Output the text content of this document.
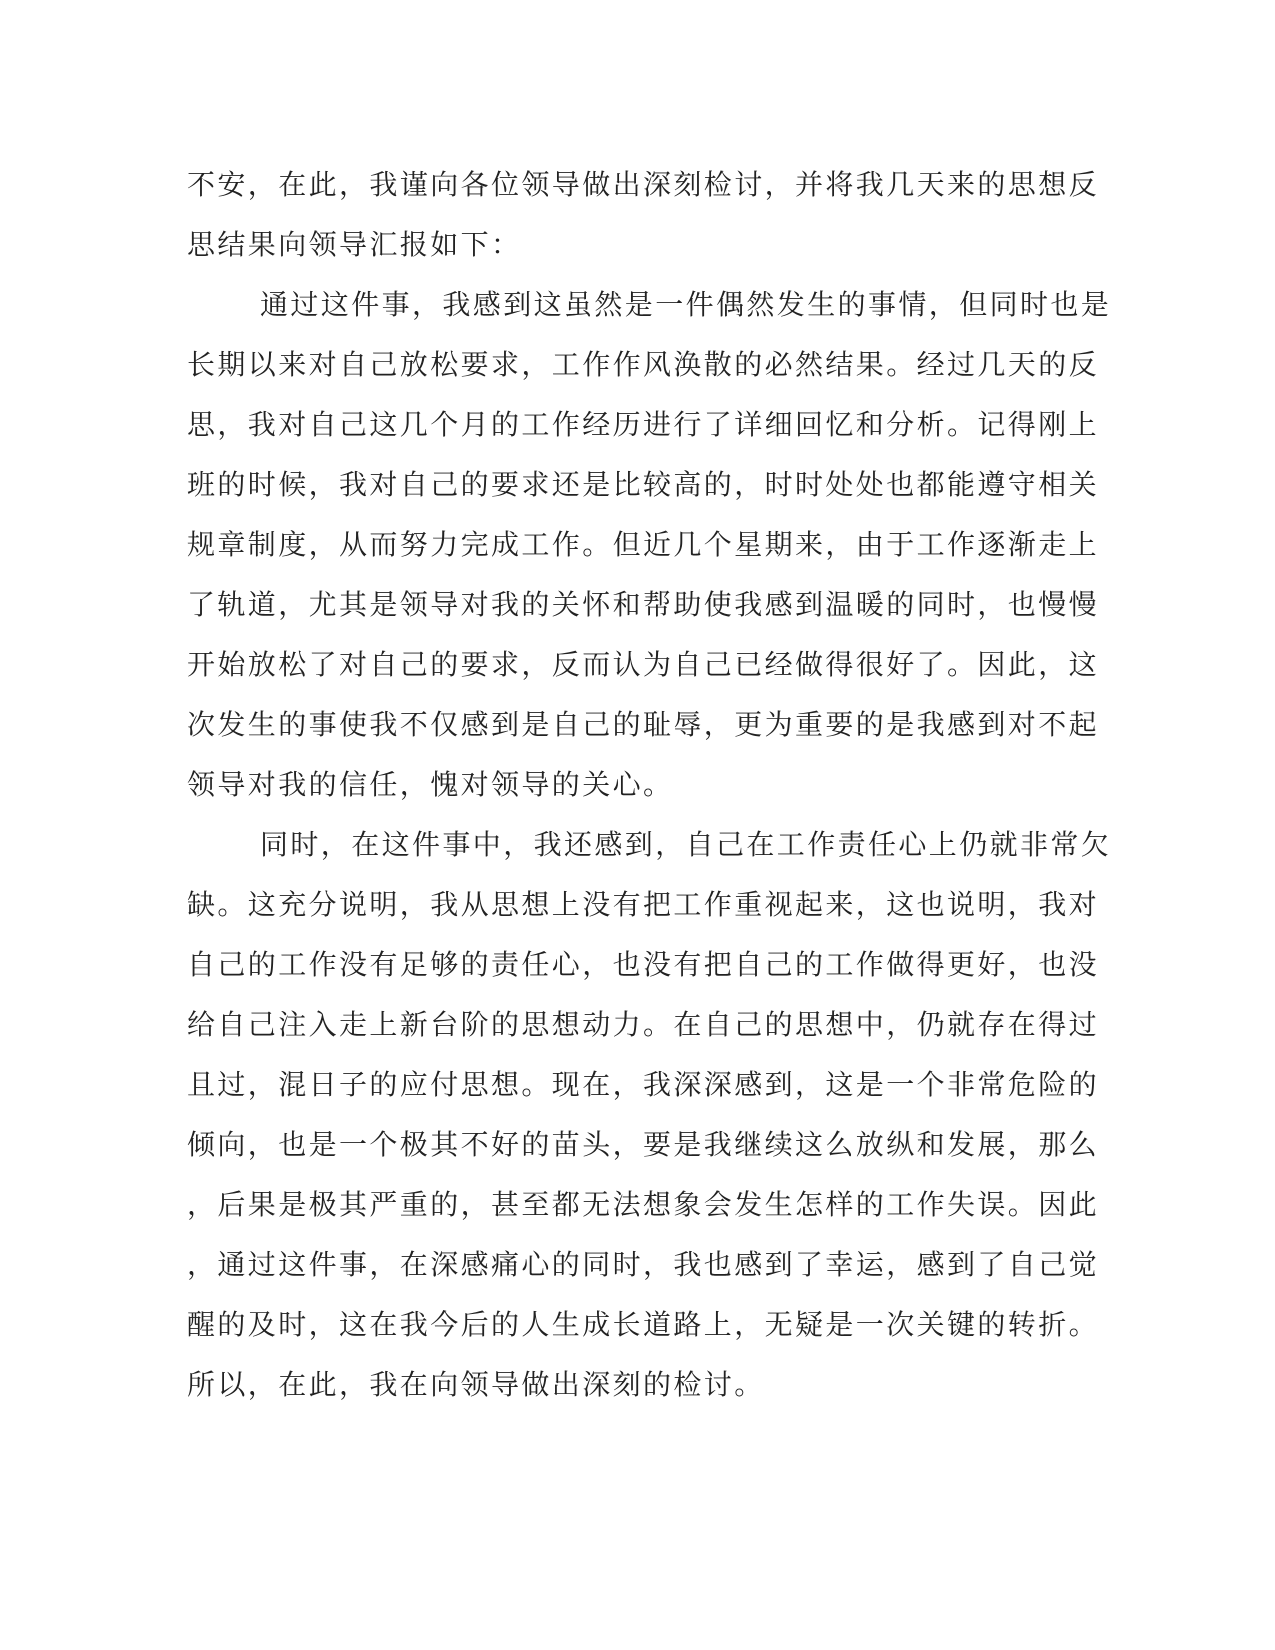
不安，在此，我谨向各位领导做出深刻检讨，并将我几天来的思想反
思结果向领导汇报如下：
通过这件事，我感到这虽然是一件偶然发生的事情，但同时也是
长期以来对自己放松要求，工作作风涣散的必然结果。经过几天的反
思，我对自己这几个月的工作经历进行了详细回忆和分析。记得刚上
班的时候，我对自己的要求还是比较高的，时时处处也都能遵守相关
规章制度，从而努力完成工作。但近几个星期来，由于工作逐渐走上
了轨道，尤其是领导对我的关怀和帮助使我感到温暖的同时，也慢慢
开始放松了对自己的要求，反而认为自己已经做得很好了。因此，这
次发生的事使我不仅感到是自己的耻辱，更为重要的是我感到对不起
领导对我的信任，愧对领导的关心。
同时，在这件事中，我还感到，自己在工作责任心上仍就非常欠
缺。这充分说明，我从思想上没有把工作重视起来，这也说明，我对
自己的工作没有足够的责任心，也没有把自己的工作做得更好，也没
给自己注入走上新台阶的思想动力。在自己的思想中，仍就存在得过
且过，混日子的应付思想。现在，我深深感到，这是一个非常危险的
倾向，也是一个极其不好的苗头，要是我继续这么放纵和发展，那么
，后果是极其严重的，甚至都无法想象会发生怎样的工作失误。因此
，通过这件事，在深感痛心的同时，我也感到了幸运，感到了自己觉
醒的及时，这在我今后的人生成长道路上，无疑是一次关键的转折。
所以，在此，我在向领导做出深刻的检讨。
